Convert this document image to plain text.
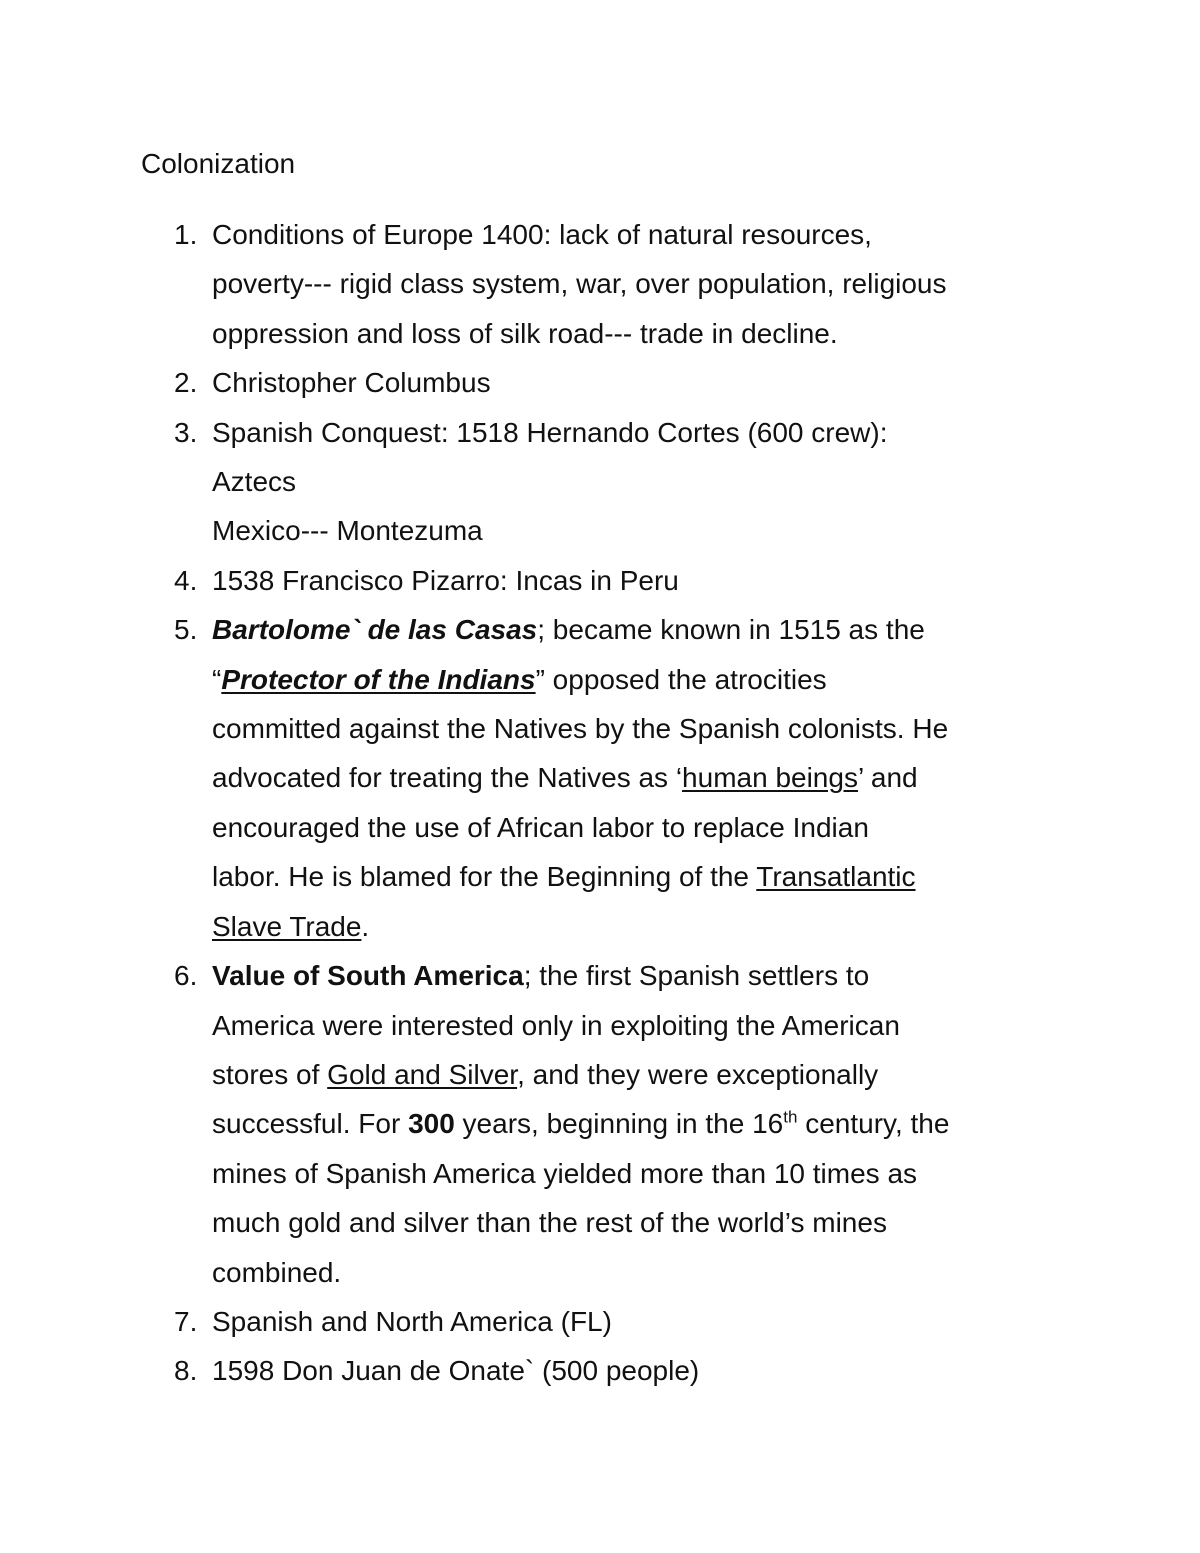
Colonization
1. Conditions of Europe 1400: lack of natural resources,
poverty--- rigid class system, war, over population, religious
oppression and loss of silk road--- trade in decline.
2. Christopher Columbus
3. Spanish Conquest: 1518 Hernando Cortes (600 crew):
Aztecs
Mexico--- Montezuma
4. 1538 Francisco Pizarro: Incas in Peru
5. Bartolome` de las Casas; became known in 1515 as the
“Protector of the Indians” opposed the atrocities
committed against the Natives by the Spanish colonists. He
advocated for treating the Natives as ‘human beings’ and
encouraged the use of African labor to replace Indian
labor. He is blamed for the Beginning of the Transatlantic
Slave Trade.
6. Value of South America; the first Spanish settlers to
America were interested only in exploiting the American
stores of Gold and Silver, and they were exceptionally
successful. For 300 years, beginning in the 16th century, the
mines of Spanish America yielded more than 10 times as
much gold and silver than the rest of the world’s mines
combined.
7. Spanish and North America (FL)
8. 1598 Don Juan de Onate` (500 people)
